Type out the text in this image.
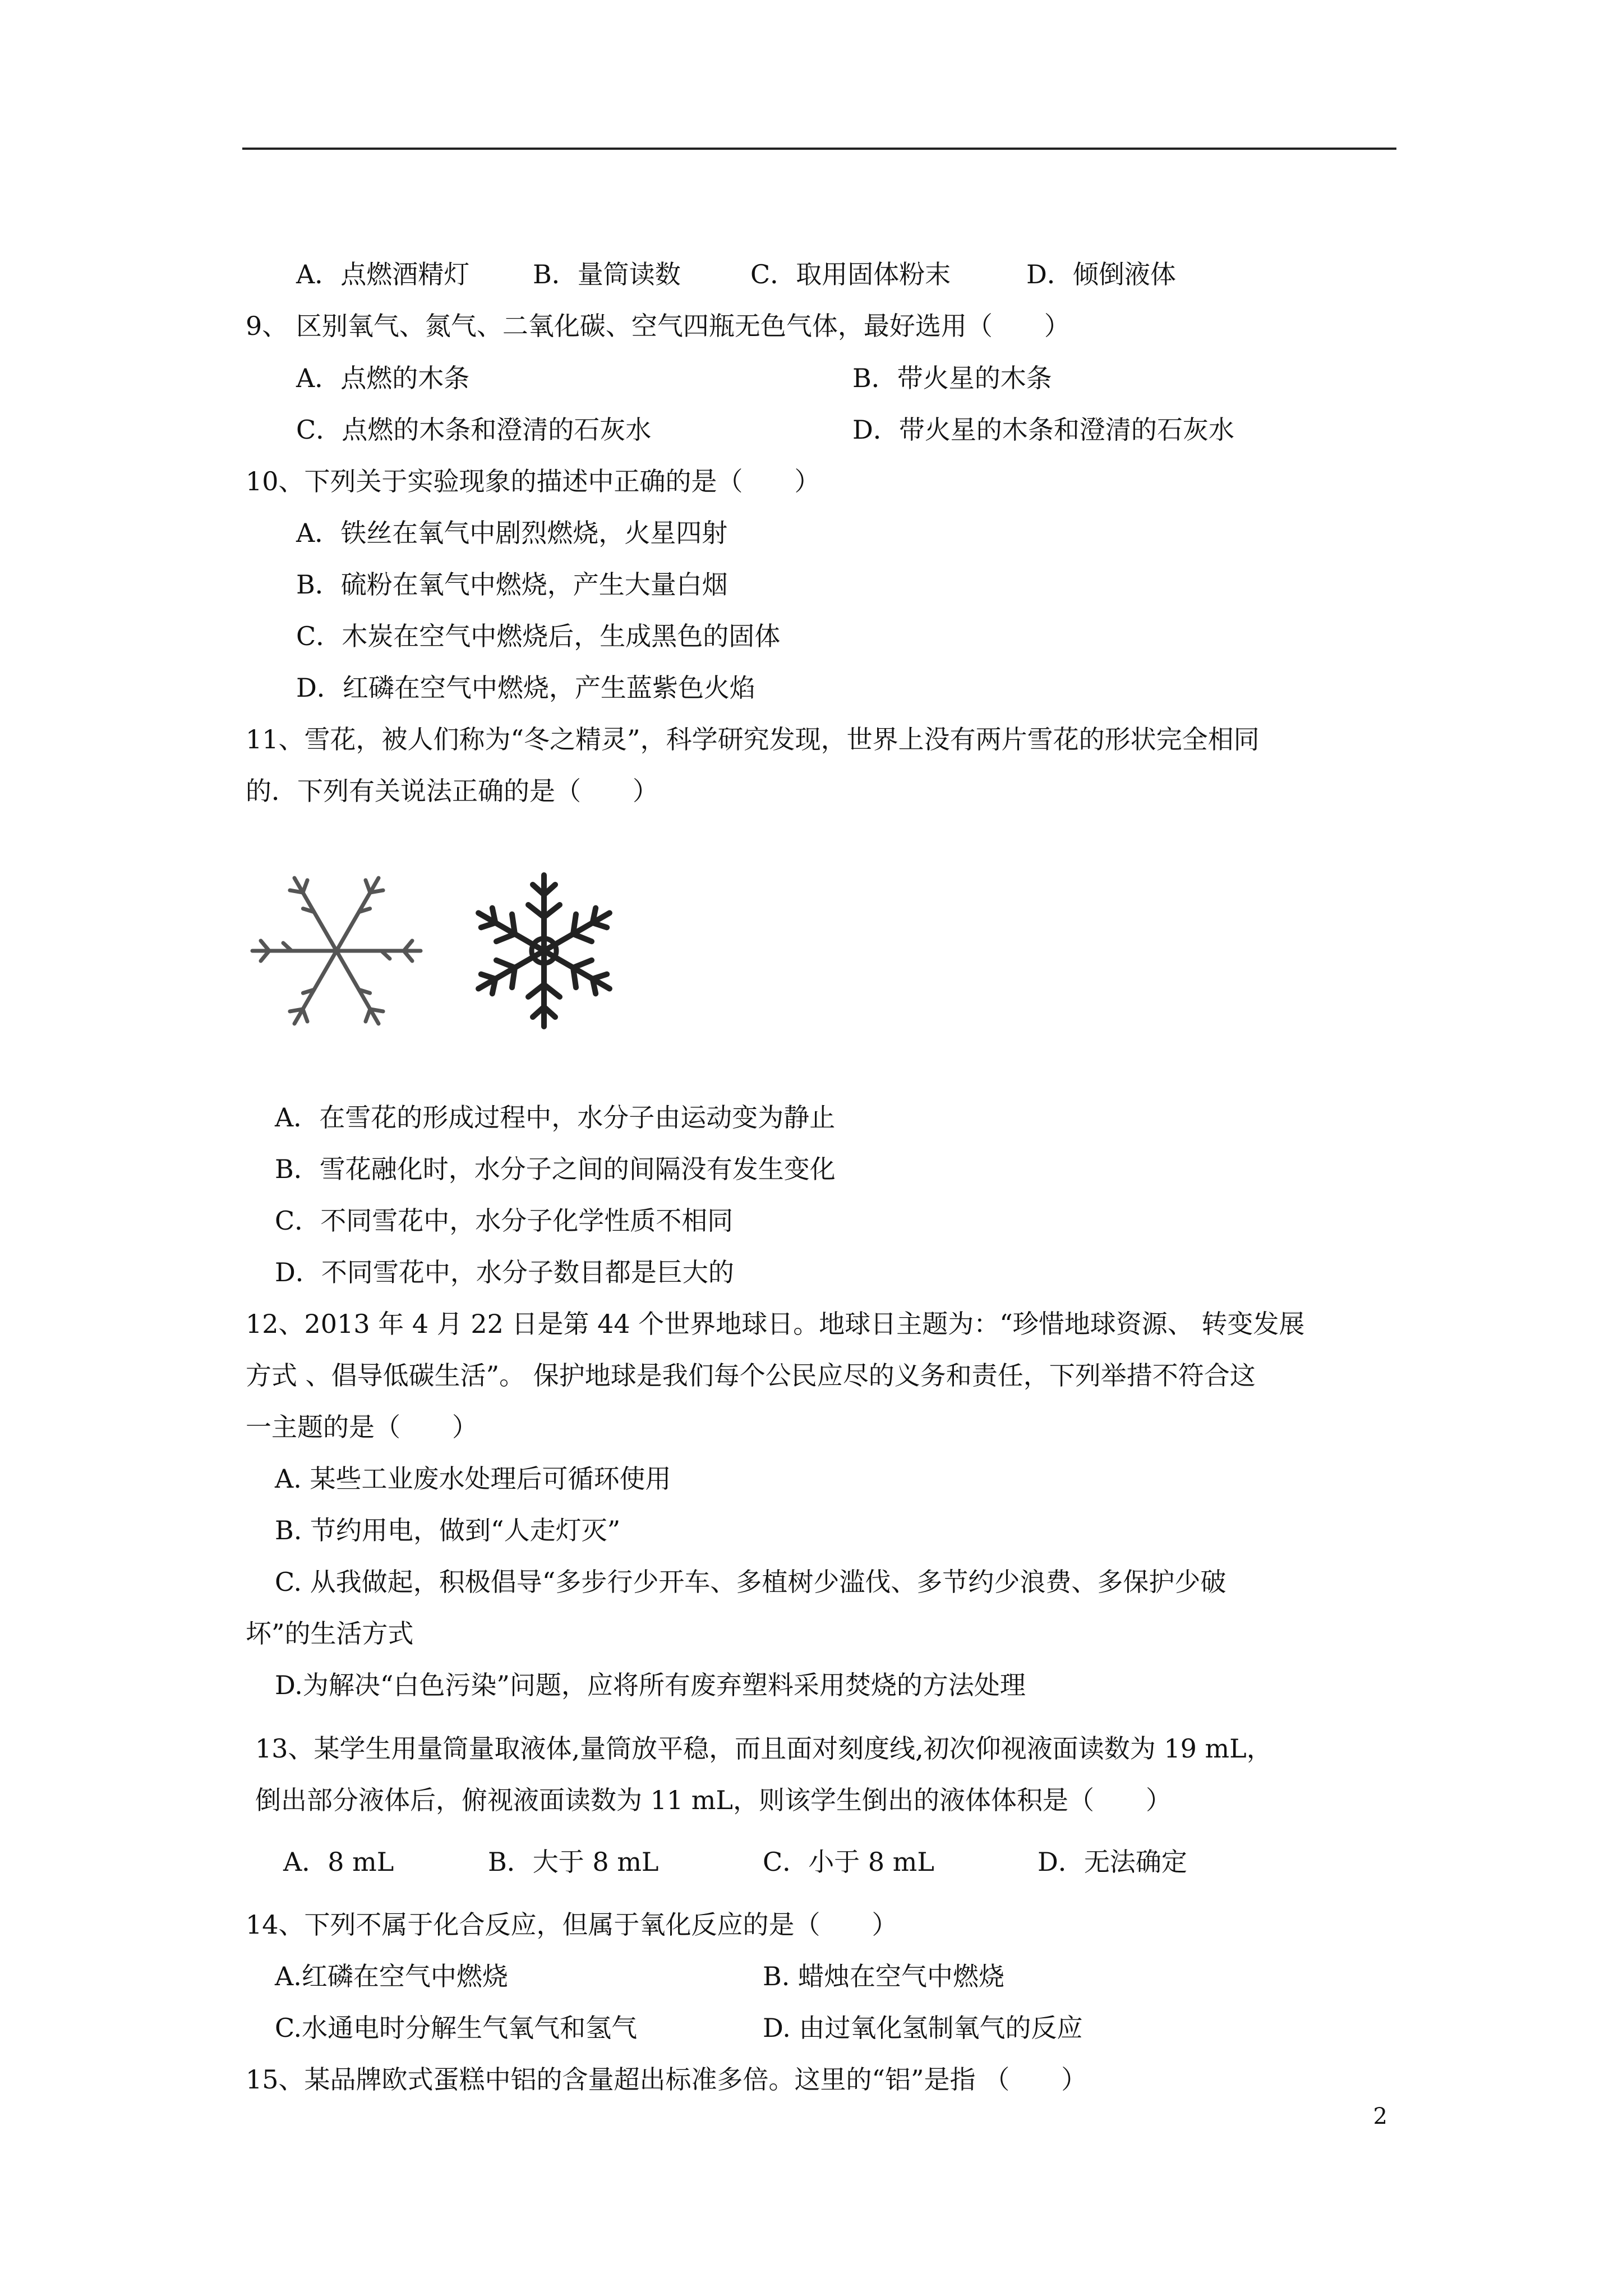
A．点燃酒精灯 B．量筒读数	C．取用固体粉末	D．倾倒液体
9、 区别氧气、氮气、二氧化碳、空气四瓶无色气体，最好选用（　　）
A．点燃的木条	B．带火星的木条
C．点燃的木条和澄清的石灰水	D．带火星的木条和澄清的石灰水
10、下列关于实验现象的描述中正确的是（　　）
A．铁丝在氧气中剧烈燃烧，火星四射
B．硫粉在氧气中燃烧，产生大量白烟
C．木炭在空气中燃烧后，生成黑色的固体
D．红磷在空气中燃烧，产生蓝紫色火焰
11、雪花，被人们称为“冬之精灵”，科学研究发现，世界上没有两片雪花的形状完全相同
的．下列有关说法正确的是（　　）
A．在雪花的形成过程中，水分子由运动变为静止
B．雪花融化时，水分子之间的间隔没有发生变化
C．不同雪花中，水分子化学性质不相同
D．不同雪花中，水分子数目都是巨大的
12、2013 年 4 月 22 日是第 44 个世界地球日。地球日主题为：“珍惜地球资源、 转变发展
方式 、倡导低碳生活”。 保护地球是我们每个公民应尽的义务和责任，下列举措不符合这
一主题的是（　　）
A. 某些工业废水处理后可循环使用
B. 节约用电，做到“人走灯灭”
C. 从我做起，积极倡导“多步行少开车、多植树少滥伐、多节约少浪费、多保护少破
坏”的生活方式
D.为解决“白色污染”问题，应将所有废弃塑料采用焚烧的方法处理
13、某学生用量筒量取液体,量筒放平稳，而且面对刻度线,初次仰视液面读数为 19 mL，
倒出部分液体后，俯视液面读数为 11 mL，则该学生倒出的液体体积是（　　）
A．8 mL	B．大于 8 mL	C．小于 8 mL	D．无法确定
14、下列不属于化合反应，但属于氧化反应的是（　　）
A.红磷在空气中燃烧	B. 蜡烛在空气中燃烧
C.水通电时分解生气氧气和氢气	D. 由过氧化氢制氧气的反应
15、某品牌欧式蛋糕中铝的含量超出标准多倍。这里的“铝”是指 （　　）
2
